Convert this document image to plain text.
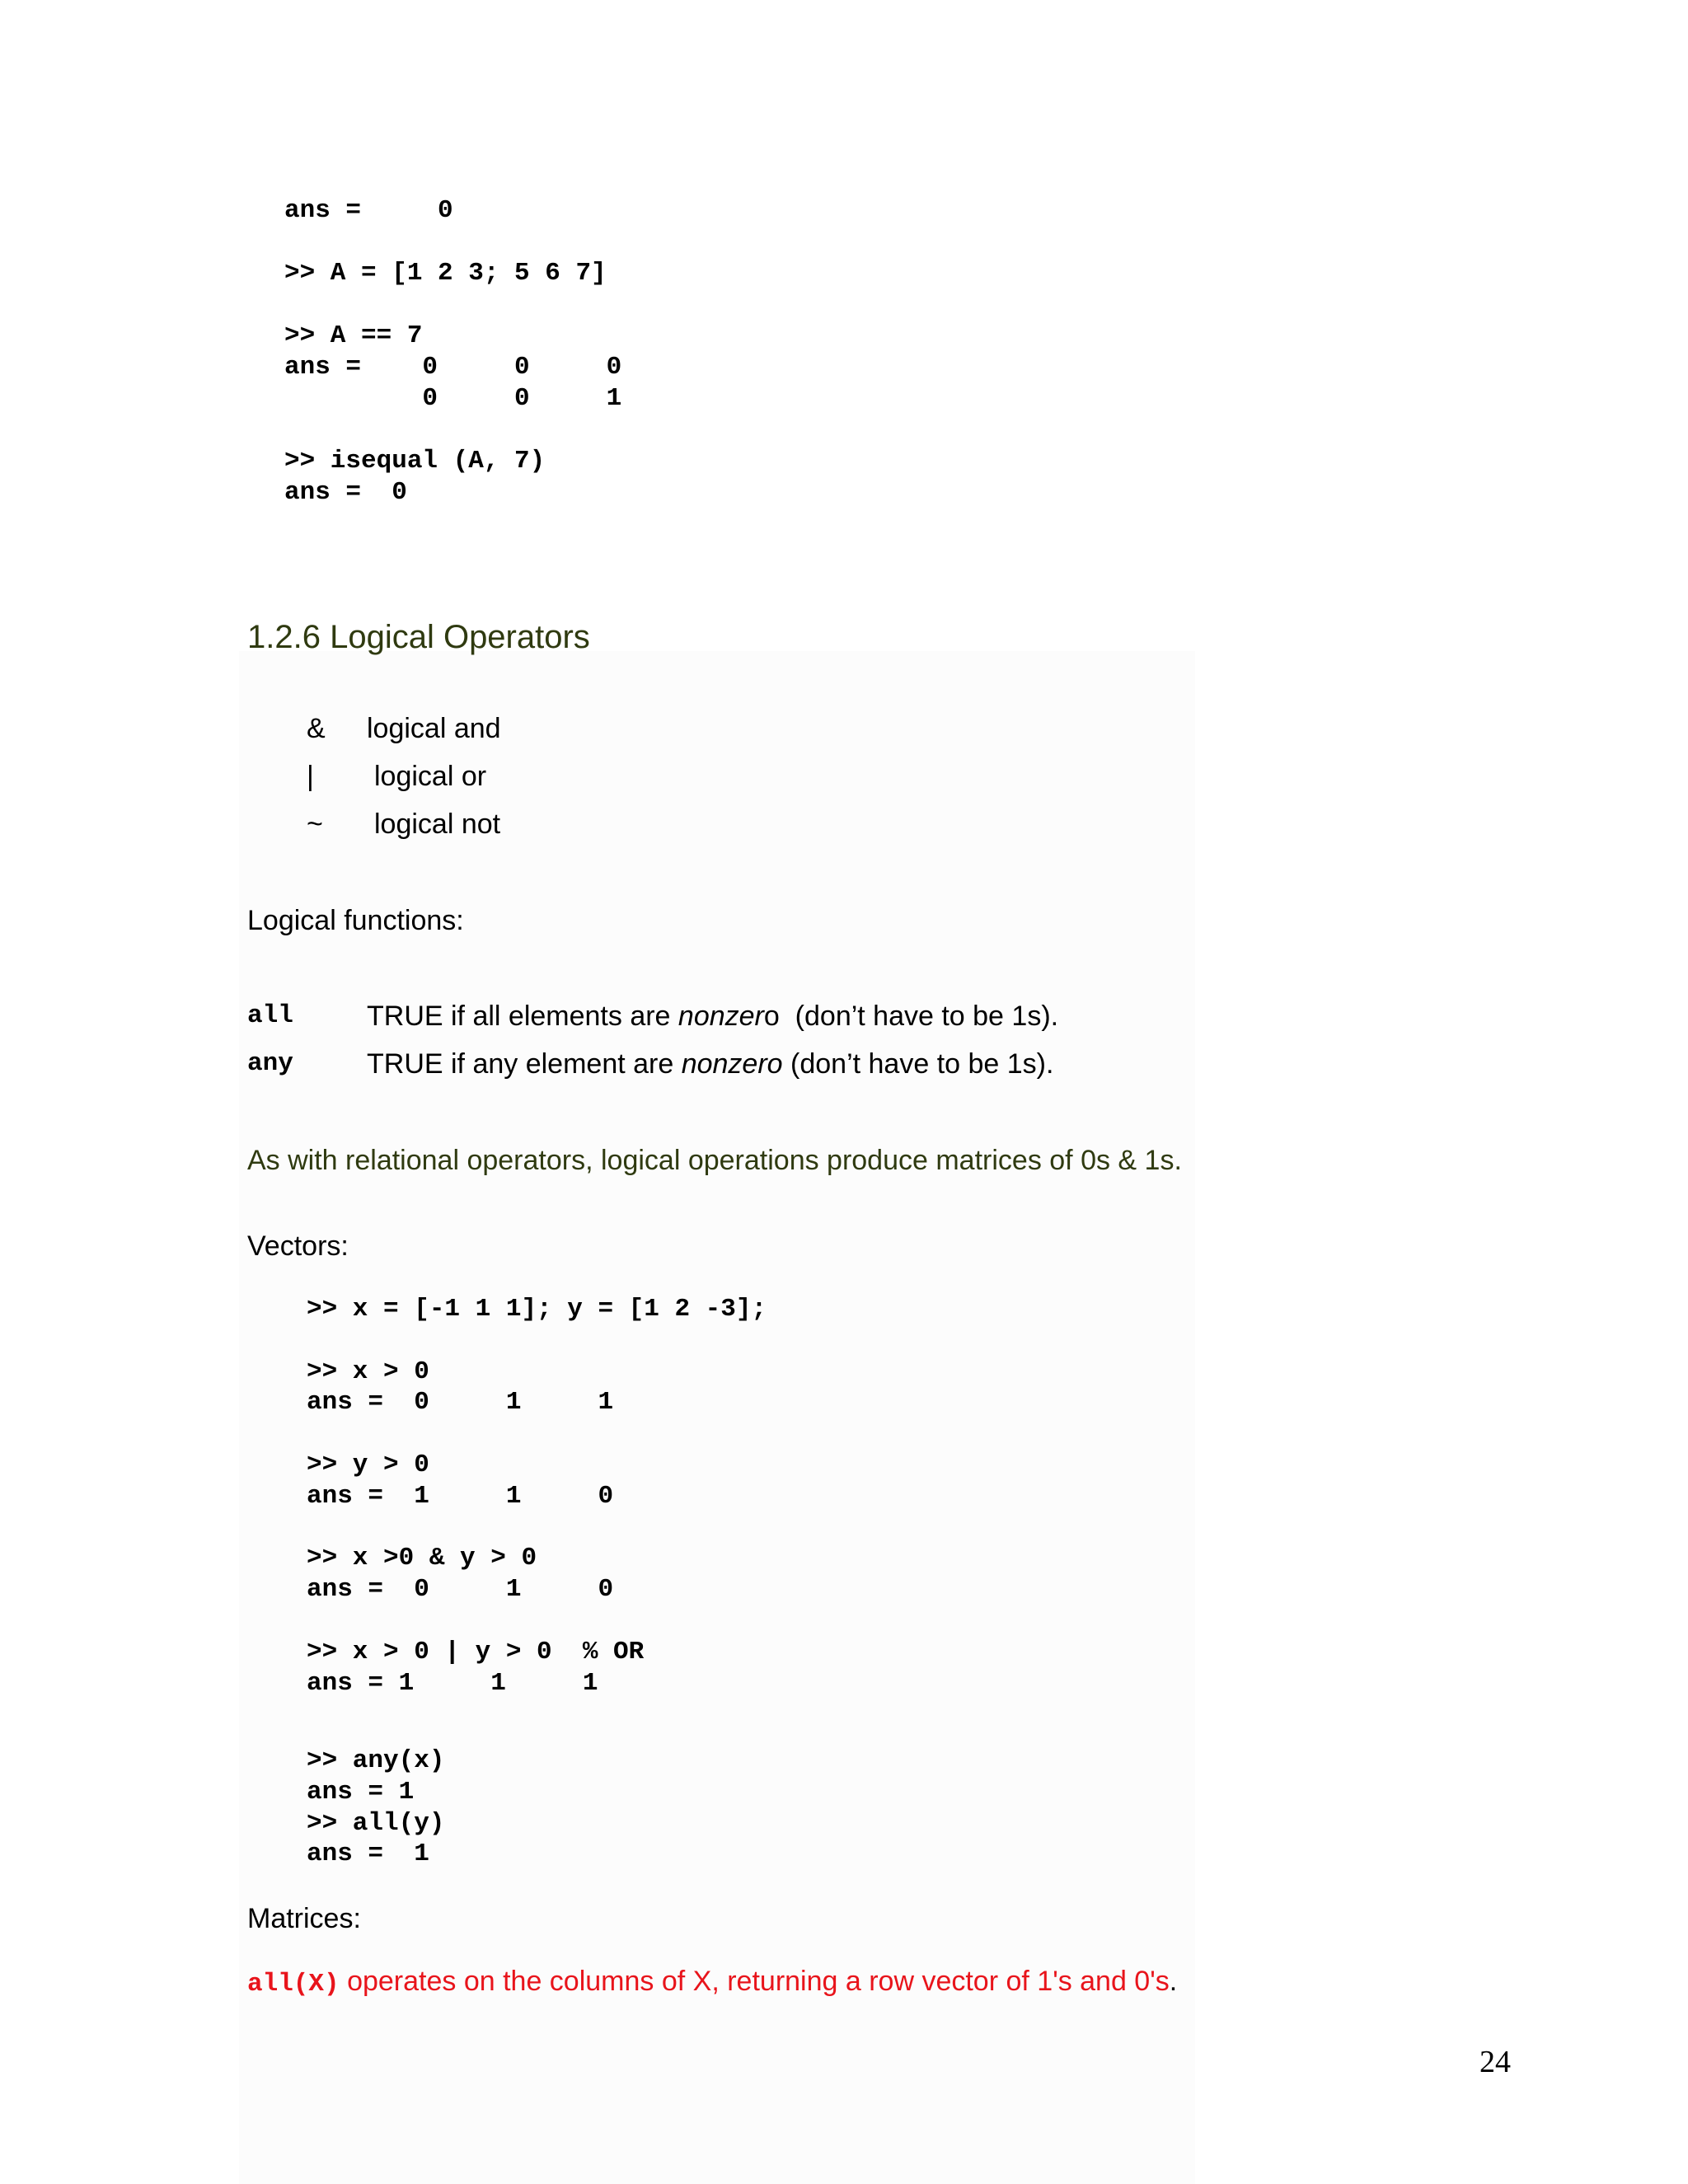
ans =     0
>> A = [1 2 3; 5 6 7]
>> A == 7
ans =    0     0     0
0     0     1
>> isequal (A, 7)
ans =  0
1.2.6 Logical Operators
& logical and
| logical or
~ logical not
Logical functions:
all	TRUE if all elements are nonzero  (don’t have to be 1s).
any	TRUE if any element are nonzero (don’t have to be 1s).
As with relational operators, logical operations produce matrices of 0s & 1s.
Vectors:
>> x = [-1 1 1]; y = [1 2 -3];
>> x > 0
ans =  0     1     1
>> y > 0
ans =  1     1     0
>> x >0 & y > 0
ans =  0     1     0
>> x > 0 | y > 0  % OR
ans = 1     1     1
>> any(x)
ans = 1
>> all(y)
ans =  1
Matrices:
all(X) operates on the columns of X, returning a row vector of 1's and 0's.
24
